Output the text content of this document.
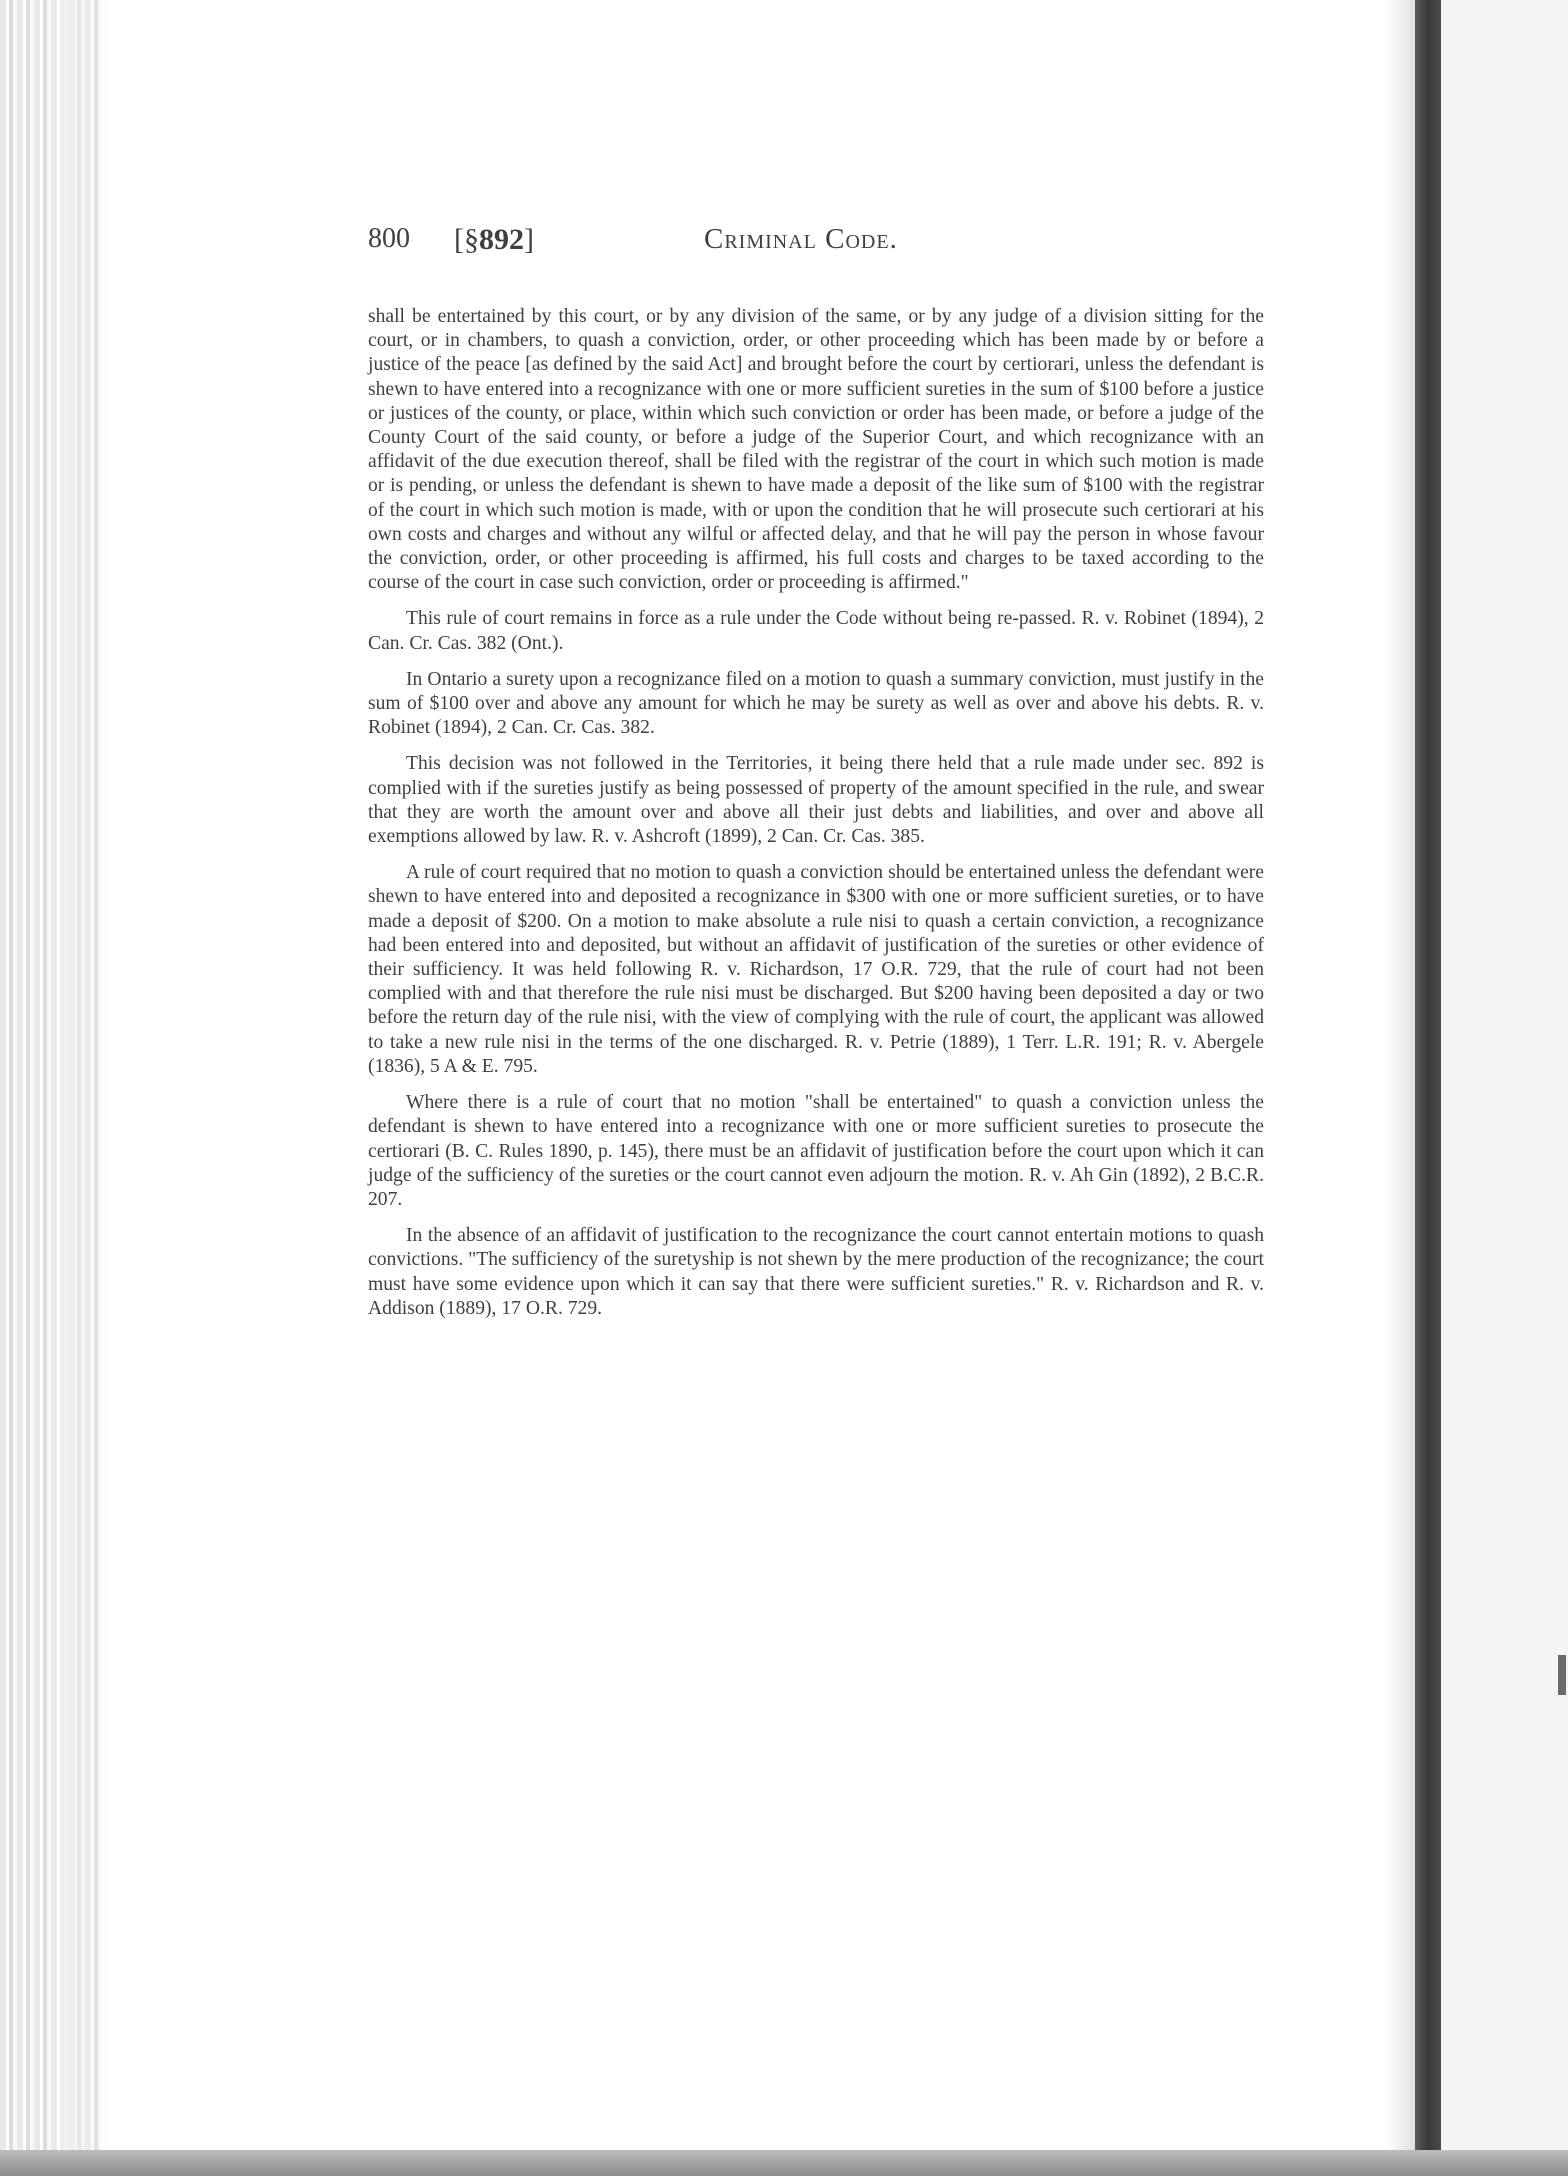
800 [§892]	Criminal Code.

shall be entertained by this court, or by any division of the same, or by any judge of a division sitting for the court, or in chambers, to quash a conviction, order, or other proceeding which has been made by or before a justice of the peace [as defined by the said Act] and brought before the court by certiorari, unless the defendant is shewn to have entered into a recognizance with one or more sufficient sureties in the sum of $100 before a justice or justices of the county, or place, within which such conviction or order has been made, or before a judge of the County Court of the said county, or before a judge of the Superior Court, and which recognizance with an affidavit of the due execution thereof, shall be filed with the registrar of the court in which such motion is made or is pending, or unless the defendant is shewn to have made a deposit of the like sum of $100 with the registrar of the court in which such motion is made, with or upon the condition that he will prosecute such certiorari at his own costs and charges and without any wilful or affected delay, and that he will pay the person in whose favour the conviction, order, or other proceeding is affirmed, his full costs and charges to be taxed according to the course of the court in case such conviction, order or proceeding is affirmed."

This rule of court remains in force as a rule under the Code without being re-passed. R. v. Robinet (1894), 2 Can. Cr. Cas. 382 (Ont.).

In Ontario a surety upon a recognizance filed on a motion to quash a summary conviction, must justify in the sum of $100 over and above any amount for which he may be surety as well as over and above his debts. R. v. Robinet (1894), 2 Can. Cr. Cas. 382.

This decision was not followed in the Territories, it being there held that a rule made under sec. 892 is complied with if the sureties justify as being possessed of property of the amount specified in the rule, and swear that they are worth the amount over and above all their just debts and liabilities, and over and above all exemptions allowed by law. R. v. Ashcroft (1899), 2 Can. Cr. Cas. 385.

A rule of court required that no motion to quash a conviction should be entertained unless the defendant were shewn to have entered into and deposited a recognizance in $300 with one or more sufficient sureties, or to have made a deposit of $200. On a motion to make absolute a rule nisi to quash a certain conviction, a recognizance had been entered into and deposited, but without an affidavit of justification of the sureties or other evidence of their sufficiency. It was held following R. v. Richardson, 17 O.R. 729, that the rule of court had not been complied with and that therefore the rule nisi must be discharged. But $200 having been deposited a day or two before the return day of the rule nisi, with the view of complying with the rule of court, the applicant was allowed to take a new rule nisi in the terms of the one discharged. R. v. Petrie (1889), 1 Terr. L.R. 191; R. v. Abergele (1836), 5 A & E. 795.

Where there is a rule of court that no motion "shall be entertained" to quash a conviction unless the defendant is shewn to have entered into a recognizance with one or more sufficient sureties to prosecute the certiorari (B. C. Rules 1890, p. 145), there must be an affidavit of justification before the court upon which it can judge of the sufficiency of the sureties or the court cannot even adjourn the motion. R. v. Ah Gin (1892), 2 B.C.R. 207.

In the absence of an affidavit of justification to the recognizance the court cannot entertain motions to quash convictions. "The sufficiency of the suretyship is not shewn by the mere production of the recognizance; the court must have some evidence upon which it can say that there were sufficient sureties." R. v. Richardson and R. v. Addison (1889), 17 O.R. 729.
